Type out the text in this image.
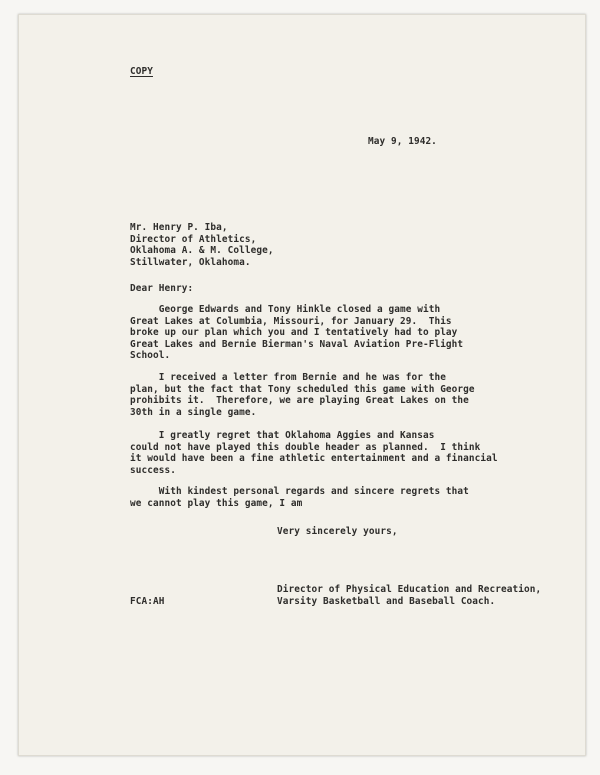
COPY

May 9, 1942.

Mr. Henry P. Iba,
Director of Athletics,
Oklahoma A. & M. College,
Stillwater, Oklahoma.

Dear Henry:

George Edwards and Tony Hinkle closed a game with
Great Lakes at Columbia, Missouri, for January 29.  This
broke up our plan which you and I tentatively had to play
Great Lakes and Bernie Bierman's Naval Aviation Pre-Flight
School.
I received a letter from Bernie and he was for the
plan, but the fact that Tony scheduled this game with George
prohibits it.  Therefore, we are playing Great Lakes on the
30th in a single game.
I greatly regret that Oklahoma Aggies and Kansas
could not have played this double header as planned.  I think
it would have been a fine athletic entertainment and a financial
success.
With kindest personal regards and sincere regrets that
we cannot play this game, I am

Very sincerely yours,

Director of Physical Education and Recreation,
Varsity Basketball and Baseball Coach.

FCA:AH
